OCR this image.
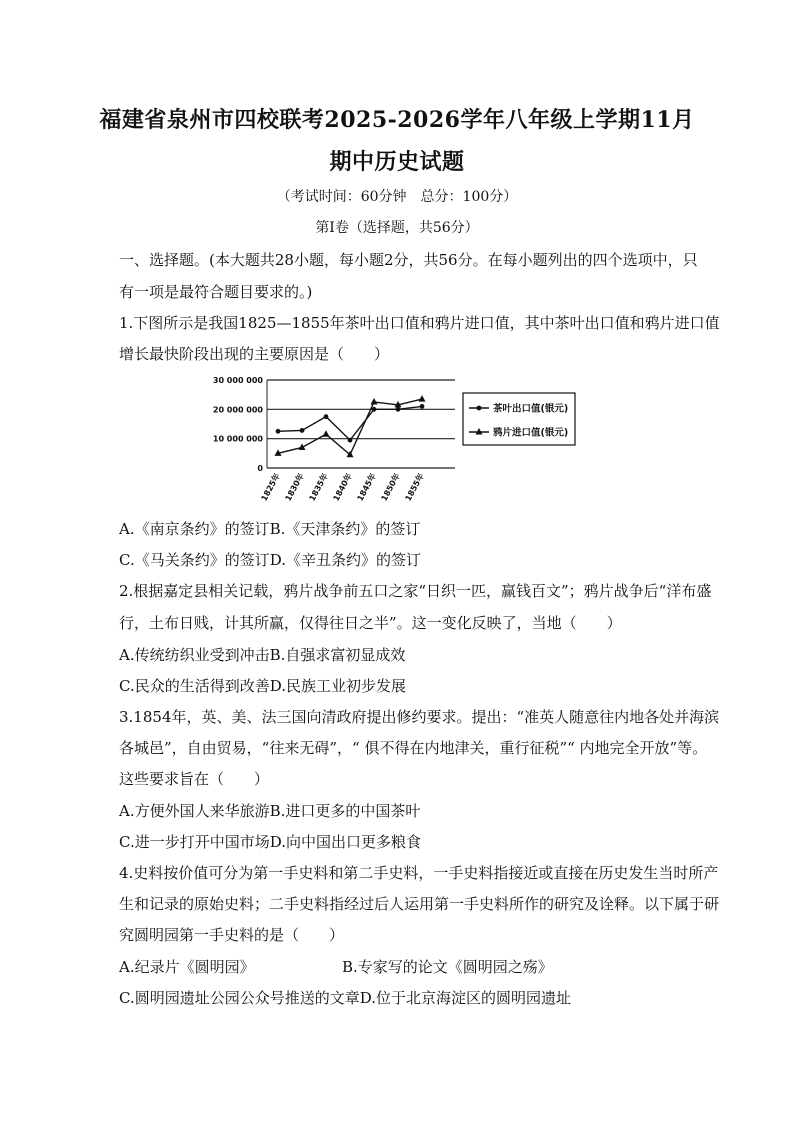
福建省泉州市四校联考2025-2026学年八年级上学期11月
期中历史试题
（考试时间：60分钟　总分：100分）
第Ⅰ卷（选择题，共56分）
一、选择题。(本大题共28小题，每小题2分，共56分。在每小题列出的四个选项中，只
有一项是最符合题目要求的。)
1.下图所示是我国1825—1855年茶叶出口值和鸦片进口值，其中茶叶出口值和鸦片进口值
增长最快阶段出现的主要原因是（　　）
30 000 000
20 000 000
10 000 000
0
1825年 1830年 1835年 1840年 1845年 1850年 1855年
茶叶出口值(银元)
鸦片进口值(银元)
A.《南京条约》的签订B.《天津条约》的签订
C.《马关条约》的签订D.《辛丑条约》的签订
2.根据嘉定县相关记载，鸦片战争前五口之家“日织一匹，赢钱百文”；鸦片战争后“洋布盛
行，土布日贱，计其所赢，仅得往日之半”。这一变化反映了，当地（　　）
A.传统纺织业受到冲击B.自强求富初显成效
C.民众的生活得到改善D.民族工业初步发展
3.1854年，英、美、法三国向清政府提出修约要求。提出：“准英人随意往内地各处并海滨
各城邑”，自由贸易，“往来无碍”，“ 俱不得在内地津关，重行征税”“ 内地完全开放”等。
这些要求旨在（　　）
A.方便外国人来华旅游B.进口更多的中国茶叶
C.进一步打开中国市场D.向中国出口更多粮食
4.史料按价值可分为第一手史料和第二手史料，一手史料指接近或直接在历史发生当时所产
生和记录的原始史料；二手史料指经过后人运用第一手史料所作的研究及诠释。以下属于研
究圆明园第一手史料的是（　　）
A.纪录片《圆明园》	B.专家写的论文《圆明园之殇》
C.圆明园遗址公园公众号推送的文章D.位于北京海淀区的圆明园遗址
